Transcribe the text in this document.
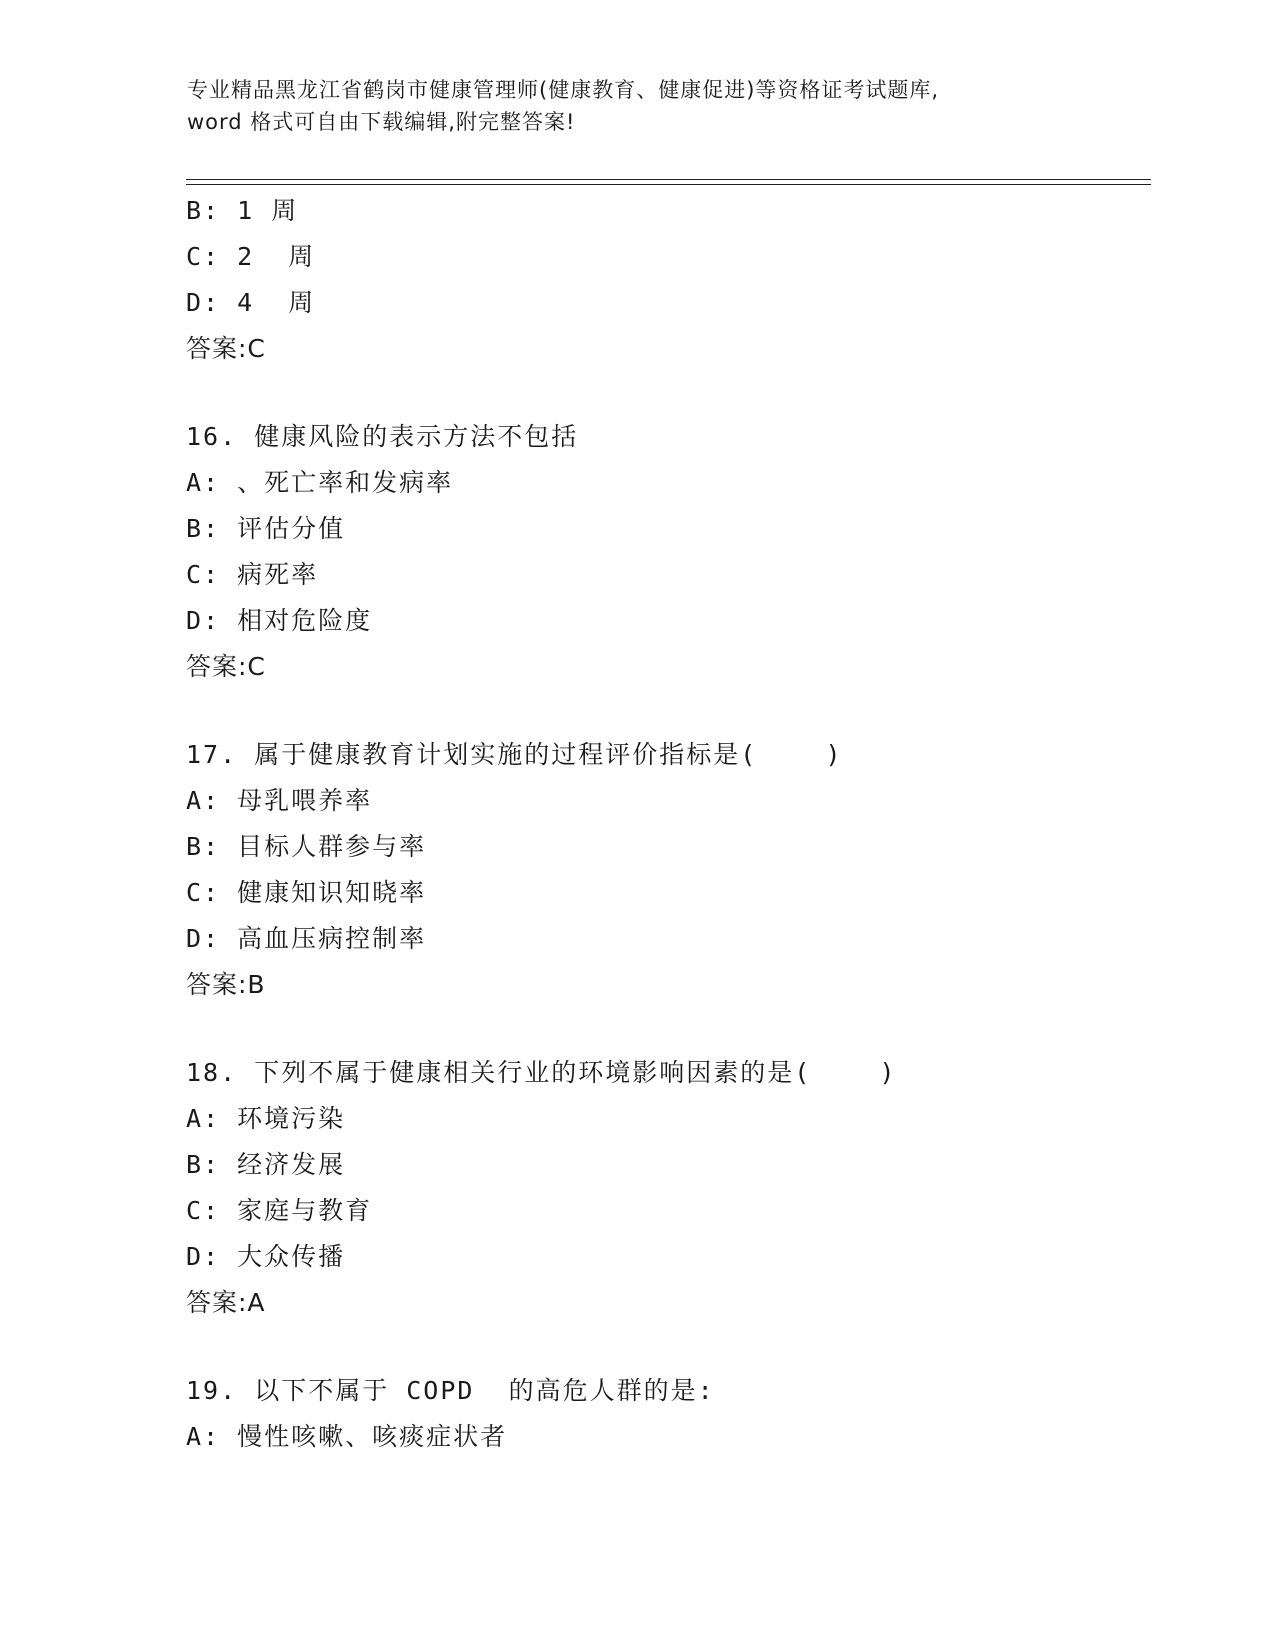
专业精品黑龙江省鹤岗市健康管理师(健康教育、健康促进)等资格证考试题库,
word 格式可自由下载编辑,附完整答案!
B: 1 周
C: 2  周
D: 4  周
答案:C
16. 健康风险的表示方法不包括
A: 、死亡率和发病率
B: 评估分值
C: 病死率
D: 相对危险度
答案:C
17. 属于健康教育计划实施的过程评价指标是(    )
A: 母乳喂养率
B: 目标人群参与率
C: 健康知识知晓率
D: 高血压病控制率
答案:B
18. 下列不属于健康相关行业的环境影响因素的是(    )
A: 环境污染
B: 经济发展
C: 家庭与教育
D: 大众传播
答案:A
19. 以下不属于 COPD  的高危人群的是:
A: 慢性咳嗽、咳痰症状者
